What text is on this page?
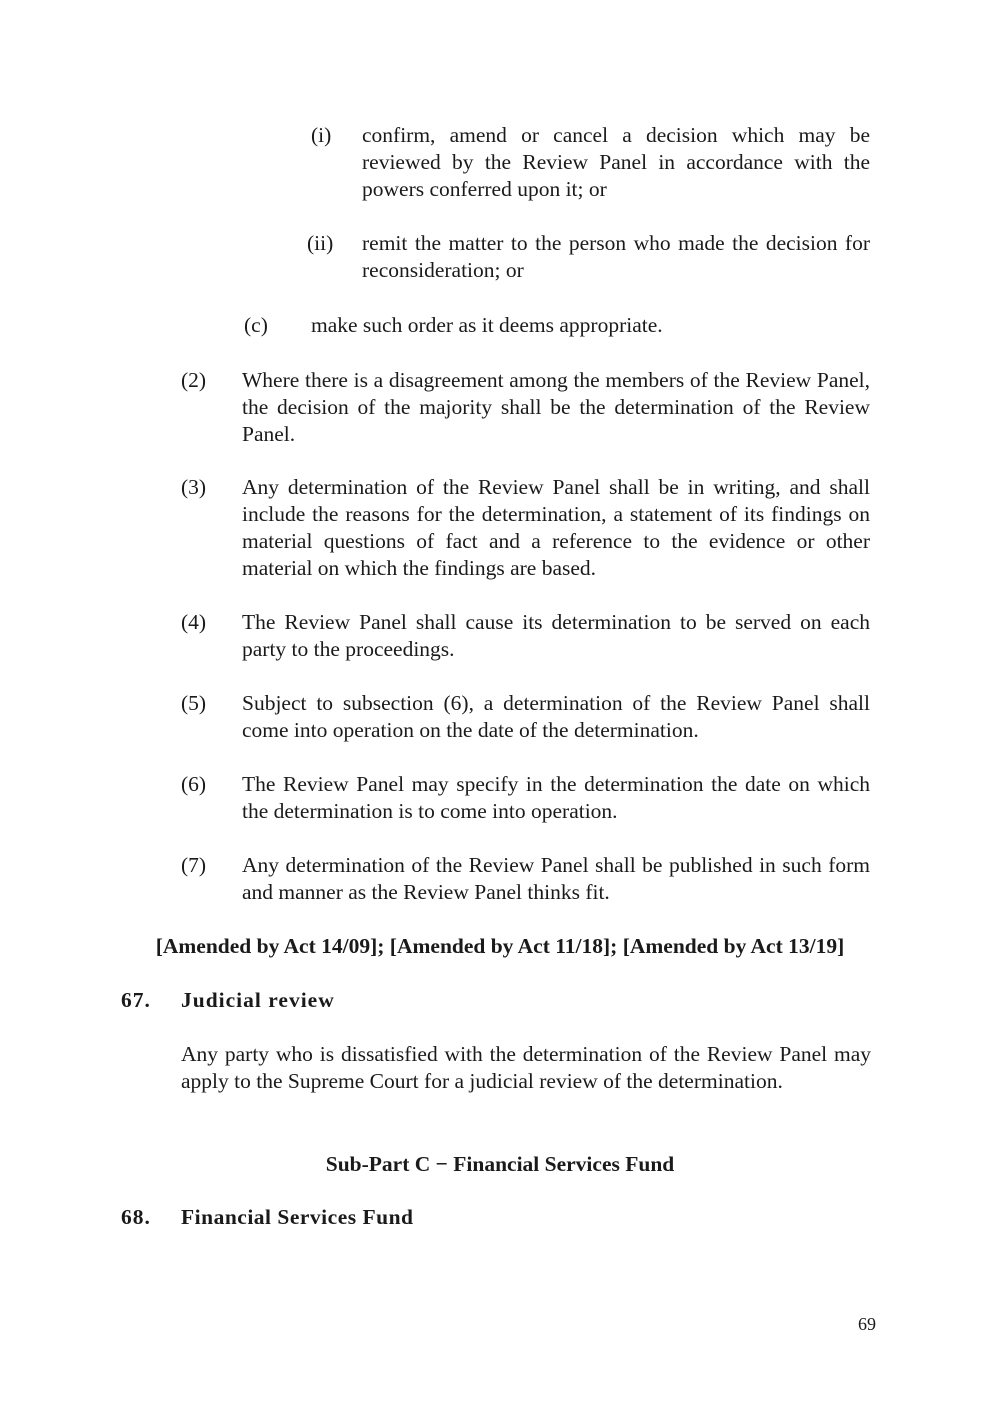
(i) confirm, amend or cancel a decision which may be reviewed by the Review Panel in accordance with the powers conferred upon it; or
(ii) remit the matter to the person who made the decision for reconsideration; or
(c) make such order as it deems appropriate.
(2) Where there is a disagreement among the members of the Review Panel, the decision of the majority shall be the determination of the Review Panel.
(3) Any determination of the Review Panel shall be in writing, and shall include the reasons for the determination, a statement of its findings on material questions of fact and a reference to the evidence or other material on which the findings are based.
(4) The Review Panel shall cause its determination to be served on each party to the proceedings.
(5) Subject to subsection (6), a determination of the Review Panel shall come into operation on the date of the determination.
(6) The Review Panel may specify in the determination the date on which the determination is to come into operation.
(7) Any determination of the Review Panel shall be published in such form and manner as the Review Panel thinks fit.
[Amended by Act 14/09]; [Amended by Act 11/18]; [Amended by Act 13/19]
67. Judicial review
Any party who is dissatisfied with the determination of the Review Panel may apply to the Supreme Court for a judicial review of the determination.
Sub-Part C − Financial Services Fund
68. Financial Services Fund
69
